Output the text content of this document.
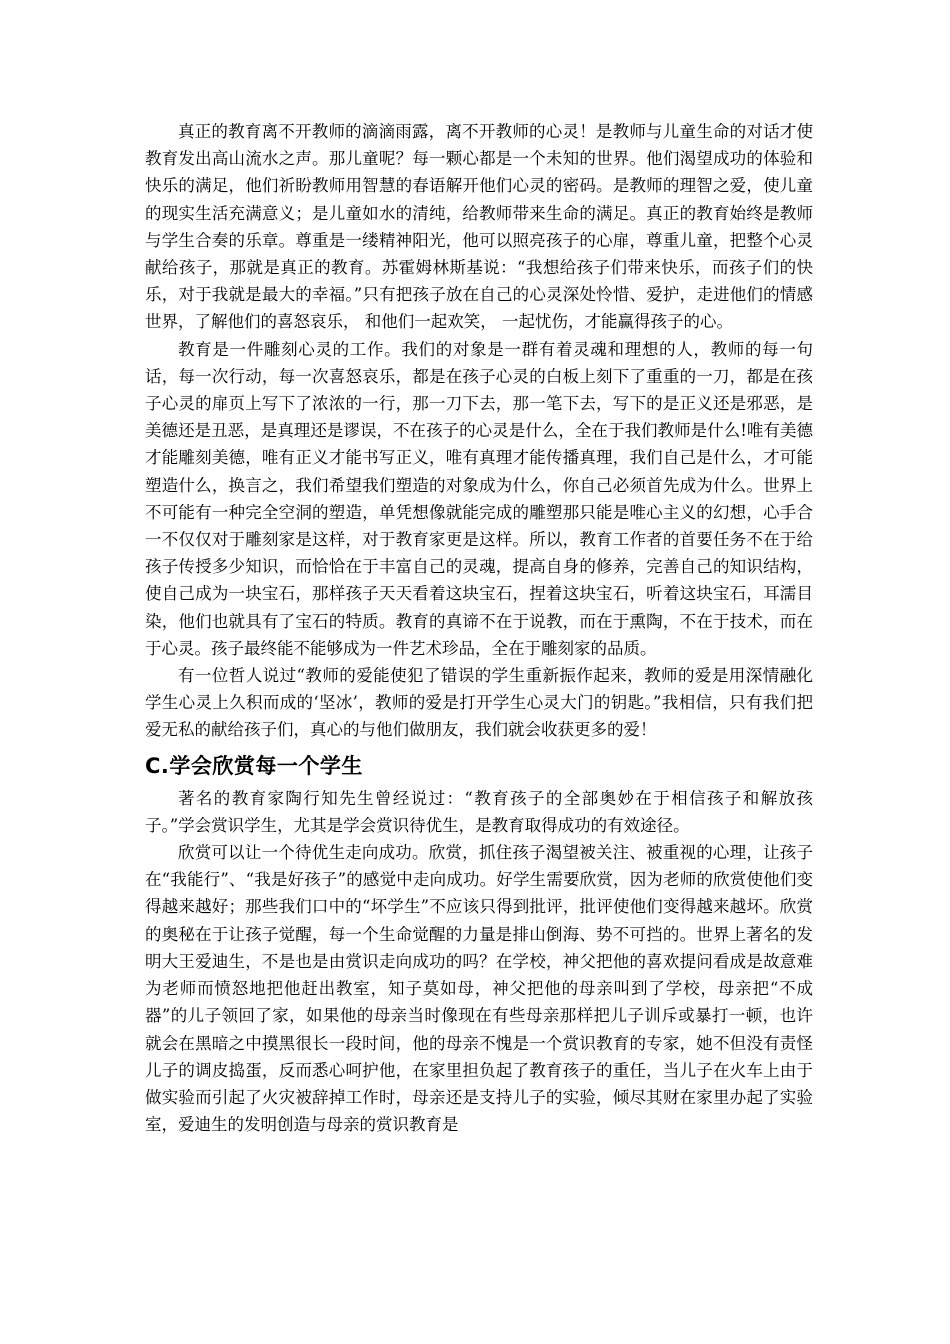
真正的教育离不开教师的滴滴雨露，离不开教师的心灵！是教师与儿童生命的对话才使教育发出高山流水之声。那儿童呢？每一颗心都是一个未知的世界。他们渴望成功的体验和快乐的满足，他们祈盼教师用智慧的春语解开他们心灵的密码。是教师的理智之爱，使儿童的现实生活充满意义；是儿童如水的清纯，给教师带来生命的满足。真正的教育始终是教师与学生合奏的乐章。尊重是一缕精神阳光，他可以照亮孩子的心扉，尊重儿童，把整个心灵献给孩子，那就是真正的教育。苏霍姆林斯基说：“我想给孩子们带来快乐，而孩子们的快乐，对于我就是最大的幸福。”只有把孩子放在自己的心灵深处怜惜、爱护，走进他们的情感世界，了解他们的喜怒哀乐， 和他们一起欢笑， 一起忧伤，才能赢得孩子的心。

教育是一件雕刻心灵的工作。我们的对象是一群有着灵魂和理想的人，教师的每一句话，每一次行动，每一次喜怒哀乐，都是在孩子心灵的白板上刻下了重重的一刀，都是在孩子心灵的扉页上写下了浓浓的一行，那一刀下去，那一笔下去，写下的是正义还是邪恶，是美德还是丑恶，是真理还是谬误，不在孩子的心灵是什么，全在于我们教师是什么!唯有美德才能雕刻美德，唯有正义才能书写正义，唯有真理才能传播真理，我们自己是什么，才可能塑造什么，换言之，我们希望我们塑造的对象成为什么，你自己必须首先成为什么。世界上不可能有一种完全空洞的塑造，单凭想像就能完成的雕塑那只能是唯心主义的幻想，心手合一不仅仅对于雕刻家是这样，对于教育家更是这样。所以，教育工作者的首要任务不在于给孩子传授多少知识，而恰恰在于丰富自己的灵魂，提高自身的修养，完善自己的知识结构，使自己成为一块宝石，那样孩子天天看着这块宝石，捏着这块宝石，听着这块宝石，耳濡目染，他们也就具有了宝石的特质。教育的真谛不在于说教，而在于熏陶，不在于技术，而在于心灵。孩子最终能不能够成为一件艺术珍品，全在于雕刻家的品质。

有一位哲人说过“教师的爱能使犯了错误的学生重新振作起来，教师的爱是用深情融化学生心灵上久积而成的‘坚冰’，教师的爱是打开学生心灵大门的钥匙。”我相信，只有我们把爱无私的献给孩子们，真心的与他们做朋友，我们就会收获更多的爱！

C.学会欣赏每一个学生

著名的教育家陶行知先生曾经说过：“教育孩子的全部奥妙在于相信孩子和解放孩子。”学会赏识学生，尤其是学会赏识待优生，是教育取得成功的有效途径。

欣赏可以让一个待优生走向成功。欣赏，抓住孩子渴望被关注、被重视的心理，让孩子在“我能行”、“我是好孩子”的感觉中走向成功。好学生需要欣赏，因为老师的欣赏使他们变得越来越好；那些我们口中的“坏学生”不应该只得到批评，批评使他们变得越来越坏。欣赏的奥秘在于让孩子觉醒，每一个生命觉醒的力量是排山倒海、势不可挡的。世界上著名的发明大王爱迪生，不是也是由赏识走向成功的吗？在学校，神父把他的喜欢提问看成是故意难为老师而愤怒地把他赶出教室，知子莫如母，神父把他的母亲叫到了学校，母亲把“不成器”的儿子领回了家，如果他的母亲当时像现在有些母亲那样把儿子训斥或暴打一顿，也许就会在黑暗之中摸黑很长一段时间，他的母亲不愧是一个赏识教育的专家，她不但没有责怪儿子的调皮捣蛋，反而悉心呵护他，在家里担负起了教育孩子的重任，当儿子在火车上由于做实验而引起了火灾被辞掉工作时，母亲还是支持儿子的实验，倾尽其财在家里办起了实验室，爱迪生的发明创造与母亲的赏识教育是
